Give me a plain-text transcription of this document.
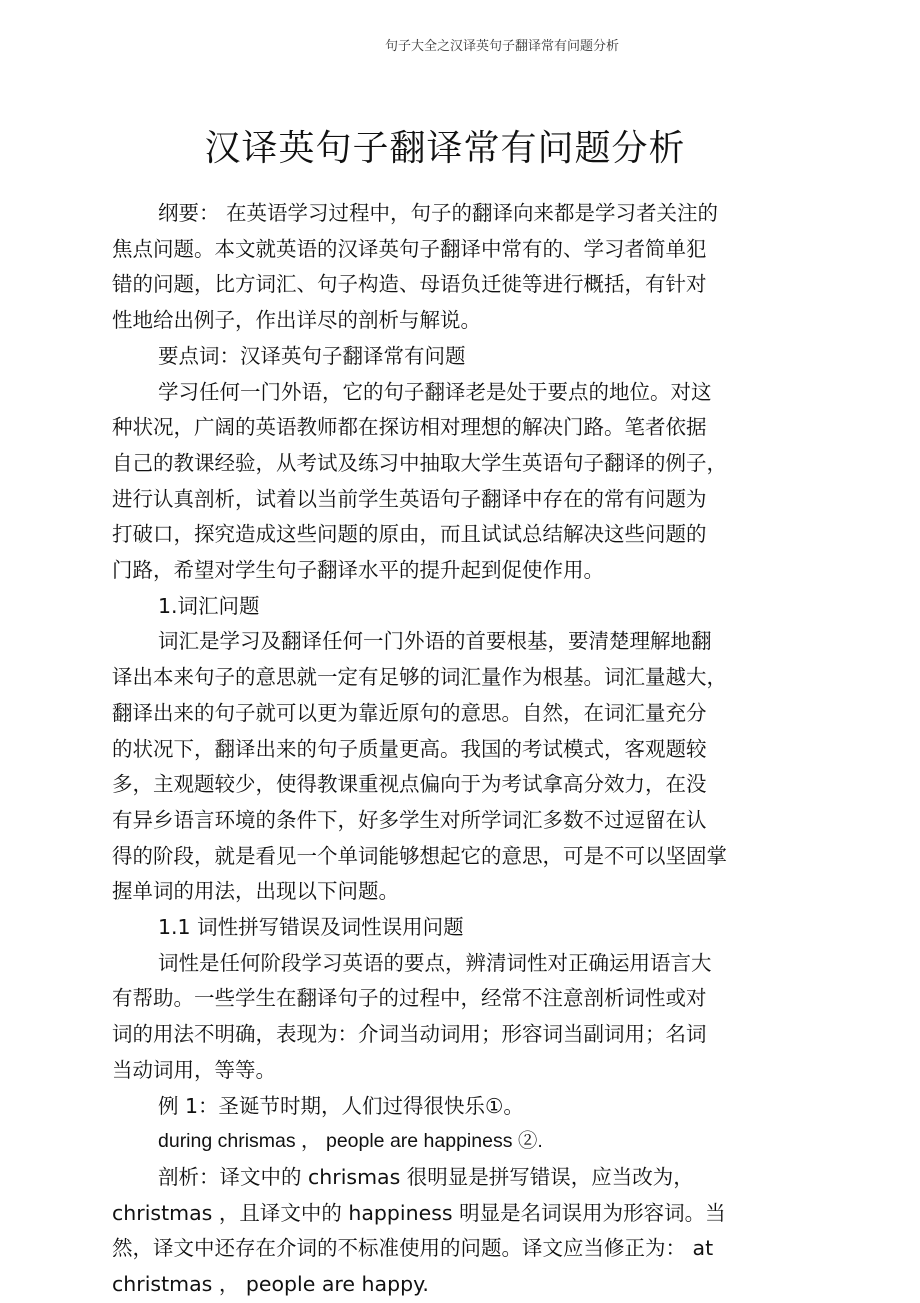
句子大全之汉译英句子翻译常有问题分析
汉译英句子翻译常有问题分析

纲要： 在英语学习过程中，句子的翻译向来都是学习者关注的
焦点问题。本文就英语的汉译英句子翻译中常有的、学习者简单犯
错的问题，比方词汇、句子构造、母语负迁徙等进行概括，有针对
性地给出例子，作出详尽的剖析与解说。

要点词：汉译英句子翻译常有问题

学习任何一门外语，它的句子翻译老是处于要点的地位。对这
种状况，广阔的英语教师都在探访相对理想的解决门路。笔者依据
自己的教课经验，从考试及练习中抽取大学生英语句子翻译的例子，
进行认真剖析，试着以当前学生英语句子翻译中存在的常有问题为
打破口，探究造成这些问题的原由，而且试试总结解决这些问题的
门路，希望对学生句子翻译水平的提升起到促使作用。

1.词汇问题

词汇是学习及翻译任何一门外语的首要根基，要清楚理解地翻
译出本来句子的意思就一定有足够的词汇量作为根基。词汇量越大，
翻译出来的句子就可以更为靠近原句的意思。自然，在词汇量充分
的状况下，翻译出来的句子质量更高。我国的考试模式，客观题较
多，主观题较少，使得教课重视点偏向于为考试拿高分效力，在没
有异乡语言环境的条件下，好多学生对所学词汇多数不过逗留在认
得的阶段，就是看见一个单词能够想起它的意思，可是不可以坚固掌
握单词的用法，出现以下问题。

1.1 词性拼写错误及词性误用问题

词性是任何阶段学习英语的要点，辨清词性对正确运用语言大
有帮助。一些学生在翻译句子的过程中，经常不注意剖析词性或对
词的用法不明确，表现为：介词当动词用；形容词当副词用；名词
当动词用，等等。

例 1：圣诞节时期，人们过得很快乐①。

during chrismas ， people are happiness ②.

剖析：译文中的 chrismas 很明显是拼写错误，应当改为，
christmas ，且译文中的 happiness 明显是名词误用为形容词。当
然，译文中还存在介词的不标准使用的问题。译文应当修正为： at
christmas ， people are happy.
